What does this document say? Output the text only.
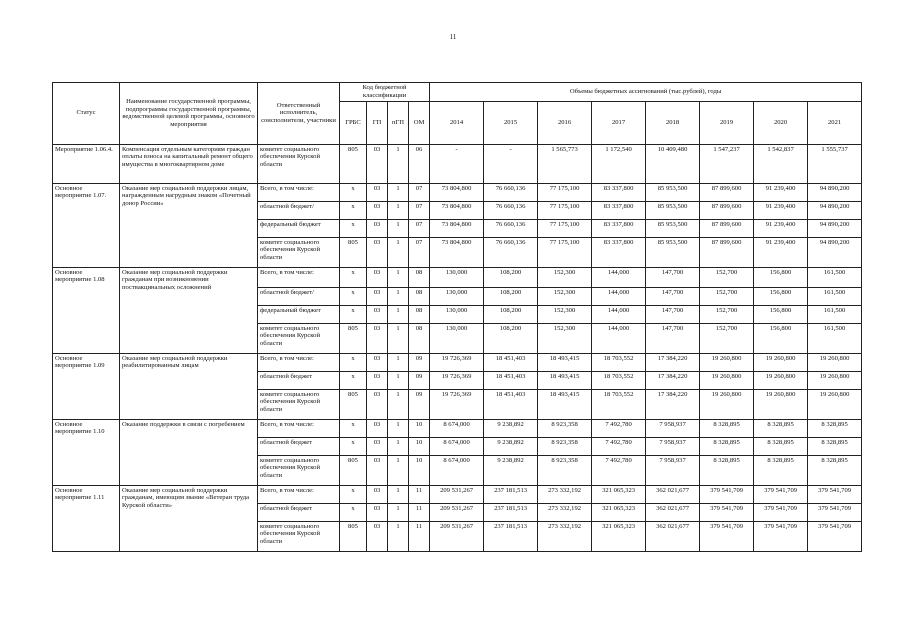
11
Статус	Наименование государственной программы, подпрограммы государственной программы, ведомственной целевой программы, основного мероприятия	Ответственный исполнитель, соисполнители, участники	Код бюджетной классификации				Объемы бюджетных ассигнований (тыс.рублей), годы							
			ГРБС	ГП	пГП	ОМ	2014	2015	2016	2017	2018	2019	2020	2021
Мероприятие 1.06.4.	Компенсация отдельным категориям граждан оплаты взноса на капитальный ремонт общего имущества в многоквартирном доме	комитет социального обеспечения Курской области	805	03	1	06	-	-	1 565,773	1 172,540	10 409,480	1 547,237	1 542,837	1 555,737
Основное мероприятие 1.07.	Оказание мер социальной поддержки лицам, награжденным нагрудным знаком «Почетный донор России»	Всего, в том числе:	x	03	1	07	73 804,800	76 660,136	77 175,100	83 337,800	85 953,500	87 899,600	91 239,400	94 890,200
		областной бюджет/	x	03	1	07	73 804,800	76 660,136	77 175,100	83 337,800	85 953,500	87 899,600	91 239,400	94 890,200
		федеральный бюджет	x	03	1	07	73 804,800	76 660,136	77 175,100	83 337,800	85 953,500	87 899,600	91 239,400	94 890,200
		комитет социального обеспечения Курской области	805	03	1	07	73 804,800	76 660,136	77 175,100	83 337,800	85 953,500	87 899,600	91 239,400	94 890,200
Основное мероприятие 1.08	Оказание мер социальной поддержки гражданам при возникновении поствакцинальных осложнений	Всего, в том числе:	x	03	1	08	130,000	108,200	152,300	144,000	147,700	152,700	156,800	161,500
		областной бюджет/	x	03	1	08	130,000	108,200	152,300	144,000	147,700	152,700	156,800	161,500
		федеральный бюджет	x	03	1	08	130,000	108,200	152,300	144,000	147,700	152,700	156,800	161,500
		комитет социального обеспечения Курской области	805	03	1	08	130,000	108,200	152,300	144,000	147,700	152,700	156,800	161,500
Основное мероприятие 1.09	Оказание мер социальной поддержки реабилитированным лицам	Всего, в том числе:	x	03	1	09	19 726,369	18 451,403	18 493,415	18 703,552	17 384,220	19 260,800	19 260,800	19 260,800
		областной бюджет	x	03	1	09	19 726,369	18 451,403	18 493,415	18 703,552	17 384,220	19 260,800	19 260,800	19 260,800
		комитет социального обеспечения Курской области	805	03	1	09	19 726,369	18 451,403	18 493,415	18 703,552	17 384,220	19 260,800	19 260,800	19 260,800
Основное мероприятие 1.10	Оказание поддержки в связи с погребением	Всего, в том числе:	x	03	1	10	8 674,000	9 238,892	8 923,358	7 492,780	7 958,937	8 328,895	8 328,895	8 328,895
		областной бюджет	x	03	1	10	8 674,000	9 238,892	8 923,358	7 492,780	7 958,937	8 328,895	8 328,895	8 328,895
		комитет социального обеспечения Курской области	805	03	1	10	8 674,000	9 238,892	8 923,358	7 492,780	7 958,937	8 328,895	8 328,895	8 328,895
Основное мероприятие 1.11	Оказание мер социальной поддержки гражданам, имеющим звание «Ветеран труда Курской области»	Всего, в том числе:	x	03	1	11	209 531,267	237 181,513	273 332,192	321 065,323	362 021,677	379 541,709	379 541,709	379 541,709
		областной бюджет	x	03	1	11	209 531,267	237 181,513	273 332,192	321 065,323	362 021,677	379 541,709	379 541,709	379 541,709
		комитет социального обеспечения Курской области	805	03	1	11	209 531,267	237 181,513	273 332,192	321 065,323	362 021,677	379 541,709	379 541,709	379 541,709
